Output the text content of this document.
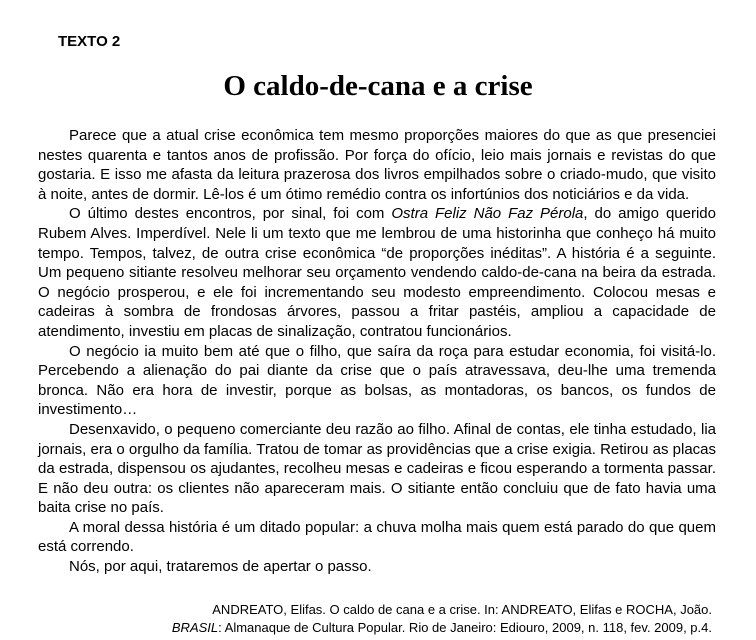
TEXTO 2
O caldo-de-cana e a crise

Parece que a atual crise econômica tem mesmo proporções maiores do que as que presenciei nestes quarenta e tantos anos de profissão. Por força do ofício, leio mais jornais e revistas do que gostaria. E isso me afasta da leitura prazerosa dos livros empilhados sobre o criado-mudo, que visito à noite, antes de dormir. Lê-los é um ótimo remédio contra os infortúnios dos noticiários e da vida.

O último destes encontros, por sinal, foi com Ostra Feliz Não Faz Pérola, do amigo querido Rubem Alves. Imperdível. Nele li um texto que me lembrou de uma historinha que conheço há muito tempo. Tempos, talvez, de outra crise econômica “de proporções inéditas”. A história é a seguinte. Um pequeno sitiante resolveu melhorar seu orçamento vendendo caldo-de-cana na beira da estrada. O negócio prosperou, e ele foi incrementando seu modesto empreendimento. Colocou mesas e cadeiras à sombra de frondosas árvores, passou a fritar pastéis, ampliou a capacidade de atendimento, investiu em placas de sinalização, contratou funcionários.

O negócio ia muito bem até que o filho, que saíra da roça para estudar economia, foi visitá-lo. Percebendo a alienação do pai diante da crise que o país atravessava, deu-lhe uma tremenda bronca. Não era hora de investir, porque as bolsas, as montadoras, os bancos, os fundos de investimento…

Desenxavido, o pequeno comerciante deu razão ao filho. Afinal de contas, ele tinha estudado, lia jornais, era o orgulho da família. Tratou de tomar as providências que a crise exigia. Retirou as placas da estrada, dispensou os ajudantes, recolheu mesas e cadeiras e ficou esperando a tormenta passar. E não deu outra: os clientes não apareceram mais. O sitiante então concluiu que de fato havia uma baita crise no país.

A moral dessa história é um ditado popular: a chuva molha mais quem está parado do que quem está correndo.

Nós, por aqui, trataremos de apertar o passo.

ANDREATO, Elifas. O caldo de cana e a crise. In: ANDREATO, Elifas e ROCHA, João.
BRASIL: Almanaque de Cultura Popular. Rio de Janeiro: Ediouro, 2009, n. 118, fev. 2009, p.4.
